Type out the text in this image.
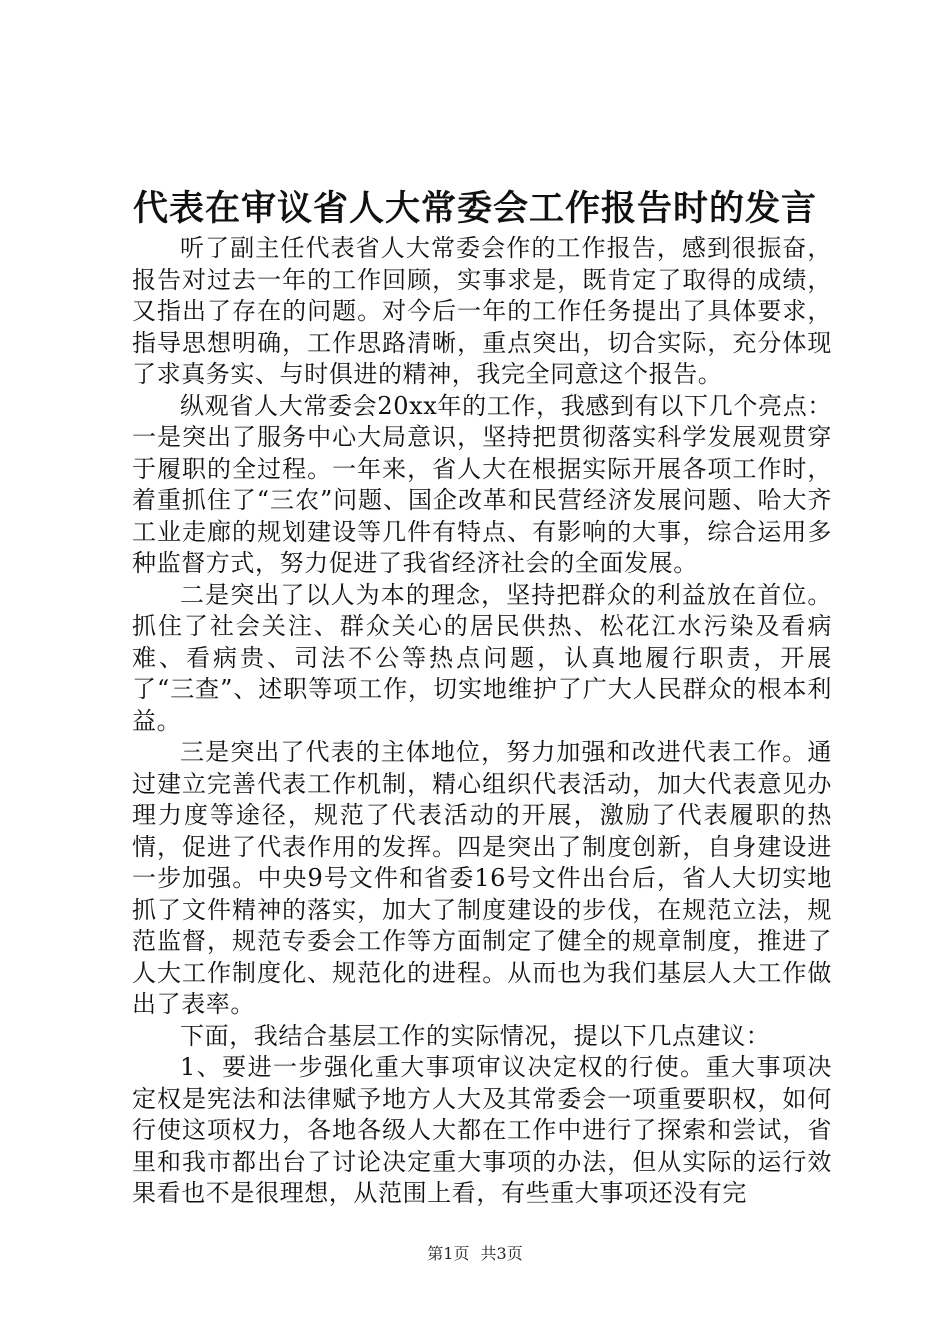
代表在审议省人大常委会工作报告时的发言

听了副主任代表省人大常委会作的工作报告，感到很振奋，报告对过去一年的工作回顾，实事求是，既肯定了取得的成绩，又指出了存在的问题。对今后一年的工作任务提出了具体要求，指导思想明确，工作思路清晰，重点突出，切合实际，充分体现了求真务实、与时俱进的精神，我完全同意这个报告。

纵观省人大常委会20xx年的工作，我感到有以下几个亮点：一是突出了服务中心大局意识，坚持把贯彻落实科学发展观贯穿于履职的全过程。一年来，省人大在根据实际开展各项工作时，着重抓住了“三农”问题、国企改革和民营经济发展问题、哈大齐工业走廊的规划建设等几件有特点、有影响的大事，综合运用多种监督方式，努力促进了我省经济社会的全面发展。

二是突出了以人为本的理念，坚持把群众的利益放在首位。抓住了社会关注、群众关心的居民供热、松花江水污染及看病难、看病贵、司法不公等热点问题，认真地履行职责，开展了“三查”、述职等项工作，切实地维护了广大人民群众的根本利益。

三是突出了代表的主体地位，努力加强和改进代表工作。通过建立完善代表工作机制，精心组织代表活动，加大代表意见办理力度等途径，规范了代表活动的开展，激励了代表履职的热情，促进了代表作用的发挥。四是突出了制度创新，自身建设进一步加强。中央9号文件和省委16号文件出台后，省人大切实地抓了文件精神的落实，加大了制度建设的步伐，在规范立法，规范监督，规范专委会工作等方面制定了健全的规章制度，推进了人大工作制度化、规范化的进程。从而也为我们基层人大工作做出了表率。

下面，我结合基层工作的实际情况，提以下几点建议：

1、要进一步强化重大事项审议决定权的行使。重大事项决定权是宪法和法律赋予地方人大及其常委会一项重要职权，如何行使这项权力，各地各级人大都在工作中进行了探索和尝试，省里和我市都出台了讨论决定重大事项的办法，但从实际的运行效果看也不是很理想，从范围上看，有些重大事项还没有完

第1页 共3页
